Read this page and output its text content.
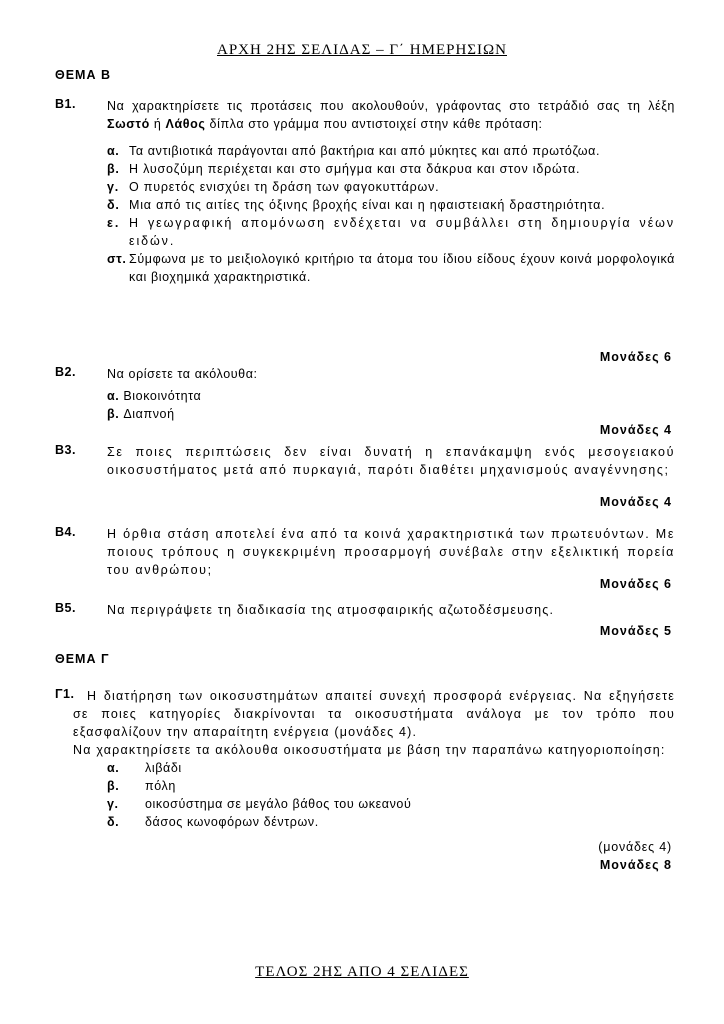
ΑΡΧΗ 2ΗΣ ΣΕΛΙΔΑΣ – Γ΄ ΗΜΕΡΗΣΙΩΝ
ΘΕΜΑ Β
Β1. Να χαρακτηρίσετε τις προτάσεις που ακολουθούν, γράφοντας στο τετράδιό σας τη λέξη Σωστό ή Λάθος δίπλα στο γράμμα που αντιστοιχεί στην κάθε πρόταση:
α. Τα αντιβιοτικά παράγονται από βακτήρια και από μύκητες και από πρωτόζωα.
β. Η λυσοζύμη περιέχεται και στο σμήγμα και στα δάκρυα και στον ιδρώτα.
γ. Ο πυρετός ενισχύει τη δράση των φαγοκυττάρων.
δ. Μια από τις αιτίες της όξινης βροχής είναι και η ηφαιστειακή δραστηριότητα.
ε. Η γεωγραφική απομόνωση ενδέχεται να συμβάλλει στη δημιουργία νέων ειδών.
στ. Σύμφωνα με το μειξιολογικό κριτήριο τα άτομα του ίδιου είδους έχουν κοινά μορφολογικά και βιοχημικά χαρακτηριστικά.
Μονάδες 6
Β2. Να ορίσετε τα ακόλουθα:
α. Βιοκοινότητα
β. Διαπνοή
Μονάδες 4
Β3. Σε ποιες περιπτώσεις δεν είναι δυνατή η επανάκαμψη ενός μεσογειακού οικοσυστήματος μετά από πυρκαγιά, παρότι διαθέτει μηχανισμούς αναγέννησης;
Μονάδες 4
Β4. Η όρθια στάση αποτελεί ένα από τα κοινά χαρακτηριστικά των πρωτευόντων. Με ποιους τρόπους η συγκεκριμένη προσαρμογή συνέβαλε στην εξελικτική πορεία του ανθρώπου;
Μονάδες 6
Β5. Να περιγράψετε τη διαδικασία της ατμοσφαιρικής αζωτοδέσμευσης.
Μονάδες 5
ΘΕΜΑ Γ
Γ1.	Η διατήρηση των οικοσυστημάτων απαιτεί συνεχή προσφορά ενέργειας. Να εξηγήσετε σε ποιες κατηγορίες διακρίνονται τα οικοσυστήματα ανάλογα με τον τρόπο που εξασφαλίζουν την απαραίτητη ενέργεια (μονάδες 4).
Να χαρακτηρίσετε τα ακόλουθα οικοσυστήματα με βάση την παραπάνω κατηγοριοποίηση:
α. λιβάδι
β. πόλη
γ. οικοσύστημα σε μεγάλο βάθος του ωκεανού
δ. δάσος κωνοφόρων δέντρων.
(μονάδες 4)
Μονάδες 8
ΤΕΛΟΣ 2ΗΣ ΑΠΟ 4 ΣΕΛΙΔΕΣ
